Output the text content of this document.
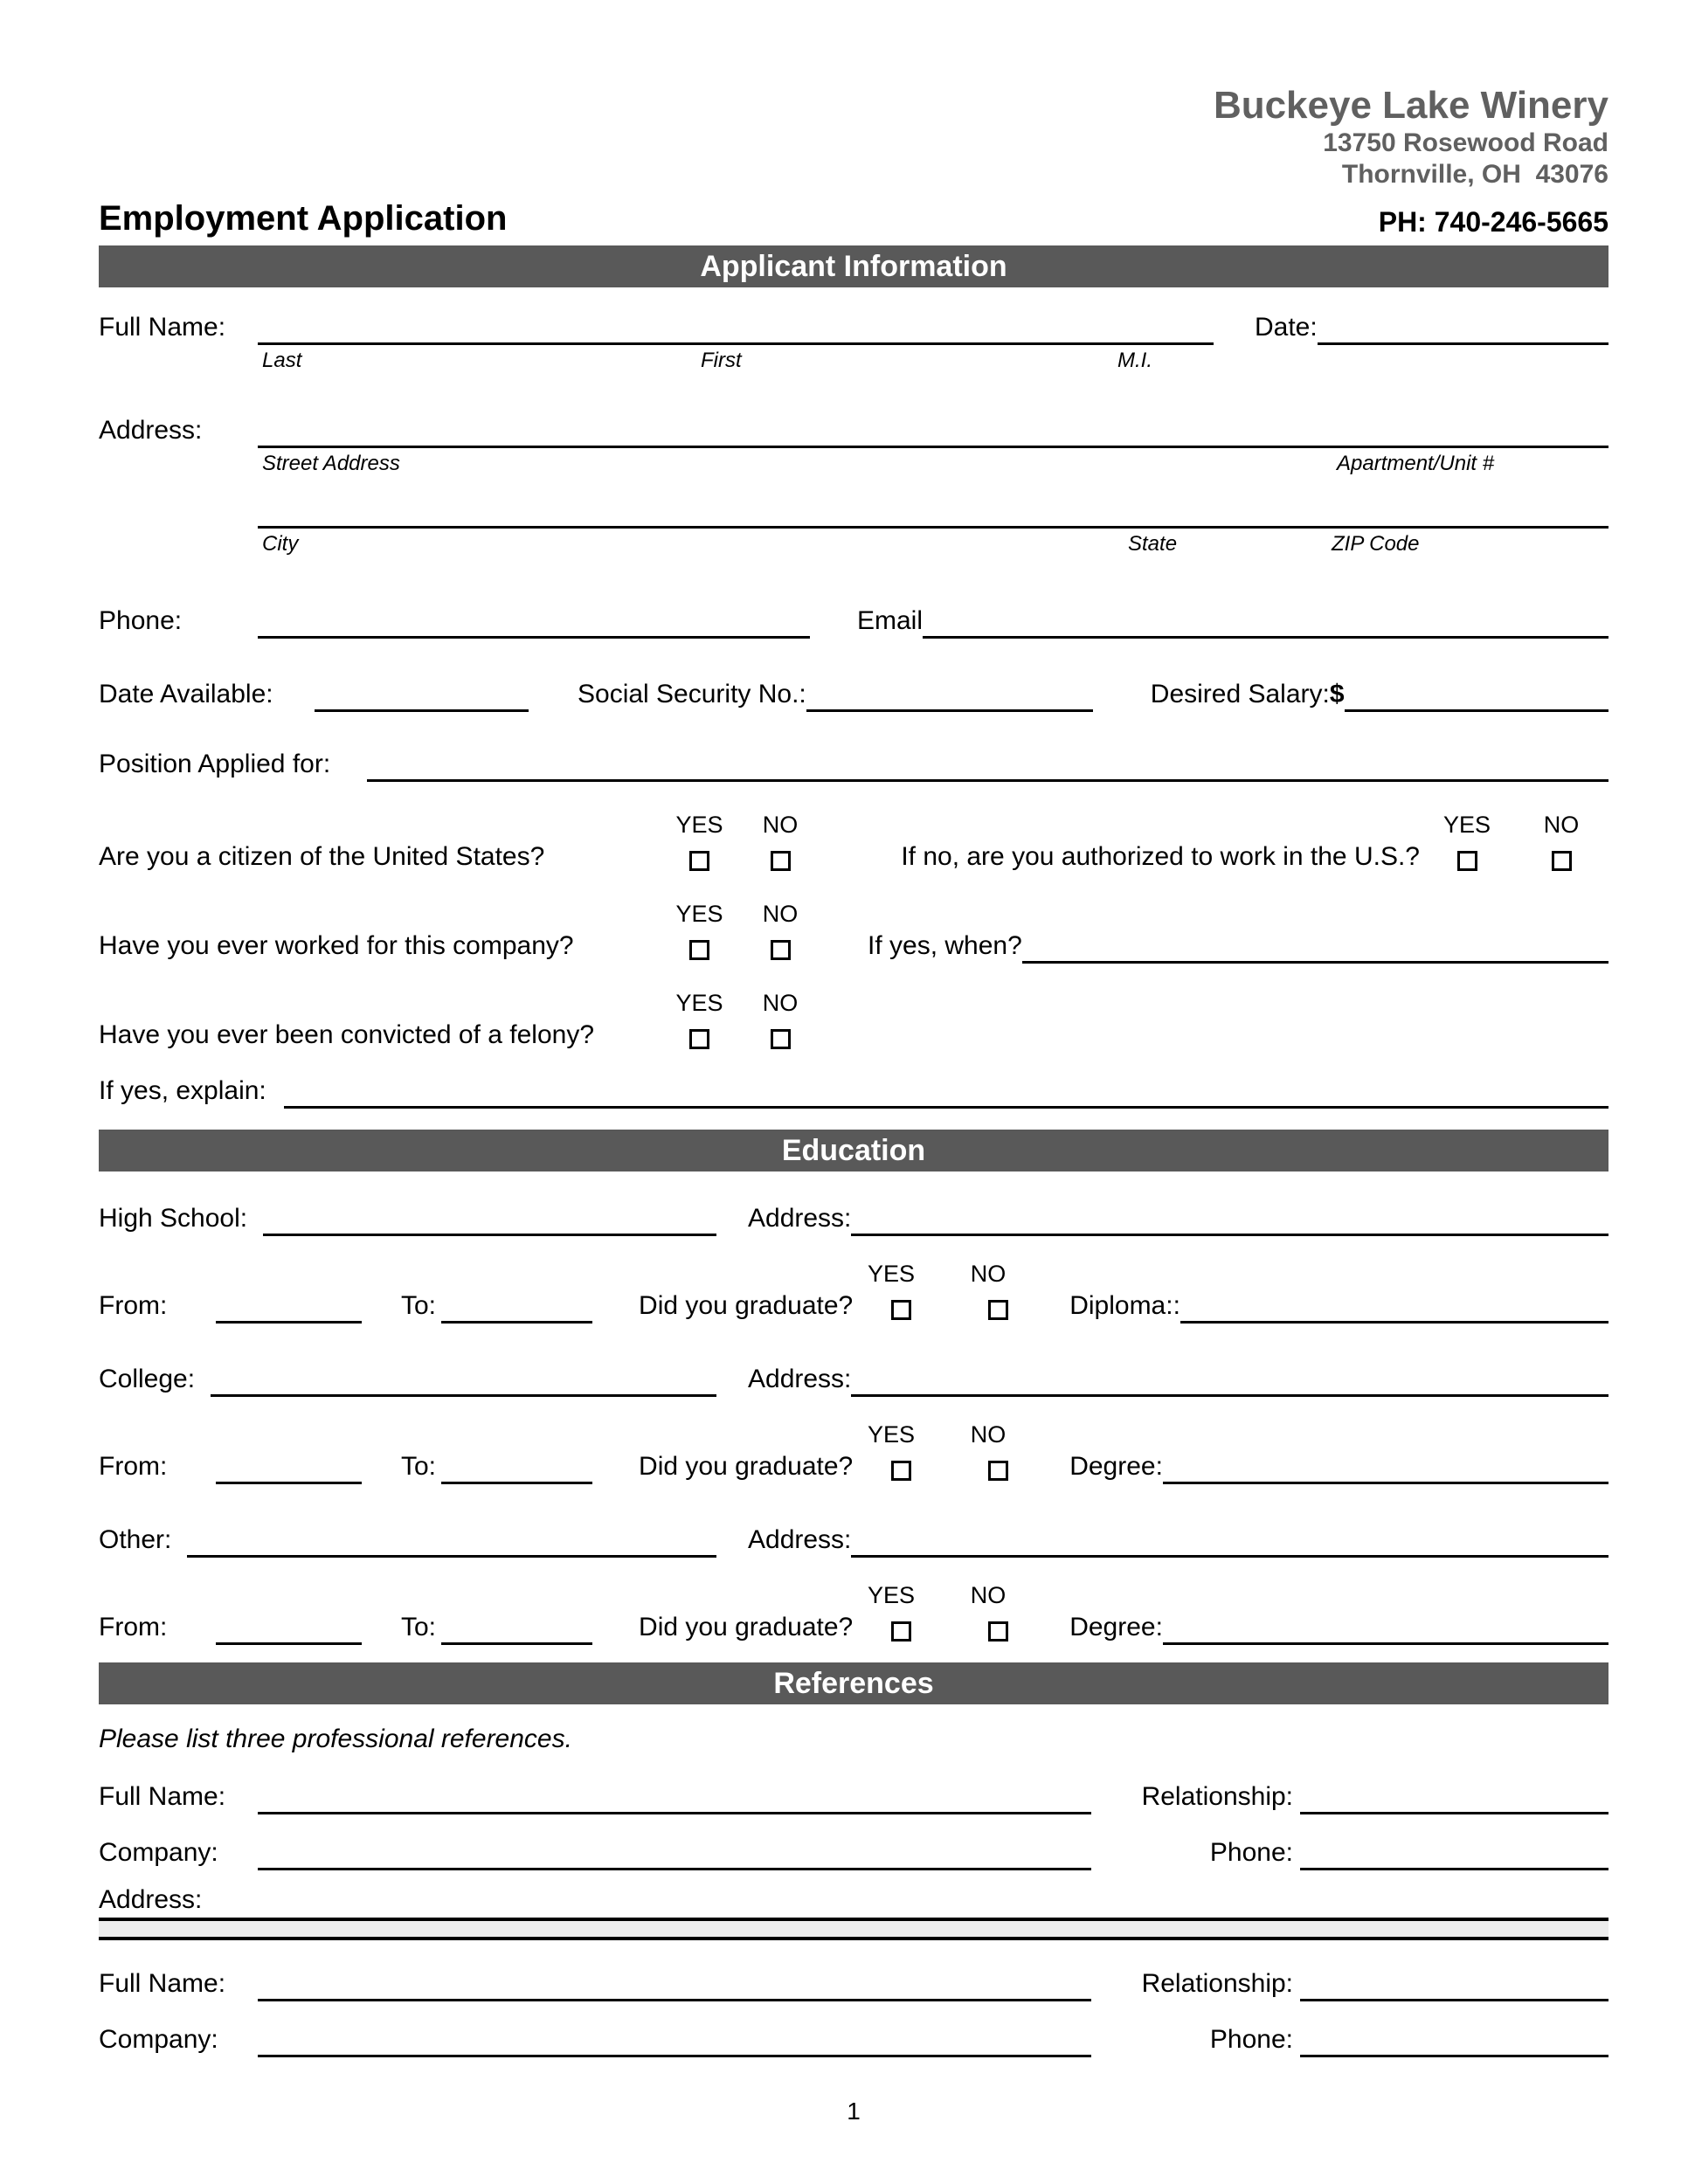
Buckeye Lake Winery
13750 Rosewood Road
Thornville, OH  43076
Employment Application	PH: 740-246-5665
Applicant Information
Full Name:	Date:
Last	First	M.I.
Address:
Street Address	Apartment/Unit #
City	State	ZIP Code
Phone:	Email
Date Available:	Social Security No.:	Desired Salary: $
Position Applied for:
YES	NO	YES	NO
Are you a citizen of the United States?	If no, are you authorized to work in the U.S.?
YES	NO
Have you ever worked for this company?	If yes, when?
YES	NO
Have you ever been convicted of a felony?
If yes, explain:
Education
High School:	Address:
YES	NO
From:	To:	Did you graduate?	Diploma::
College:	Address:
YES	NO
From:	To:	Did you graduate?	Degree:
Other:	Address:
YES	NO
From:	To:	Did you graduate?	Degree:
References
Please list three professional references.
Full Name:	Relationship:
Company:	Phone:
Address:
Full Name:	Relationship:
Company:	Phone:
1
